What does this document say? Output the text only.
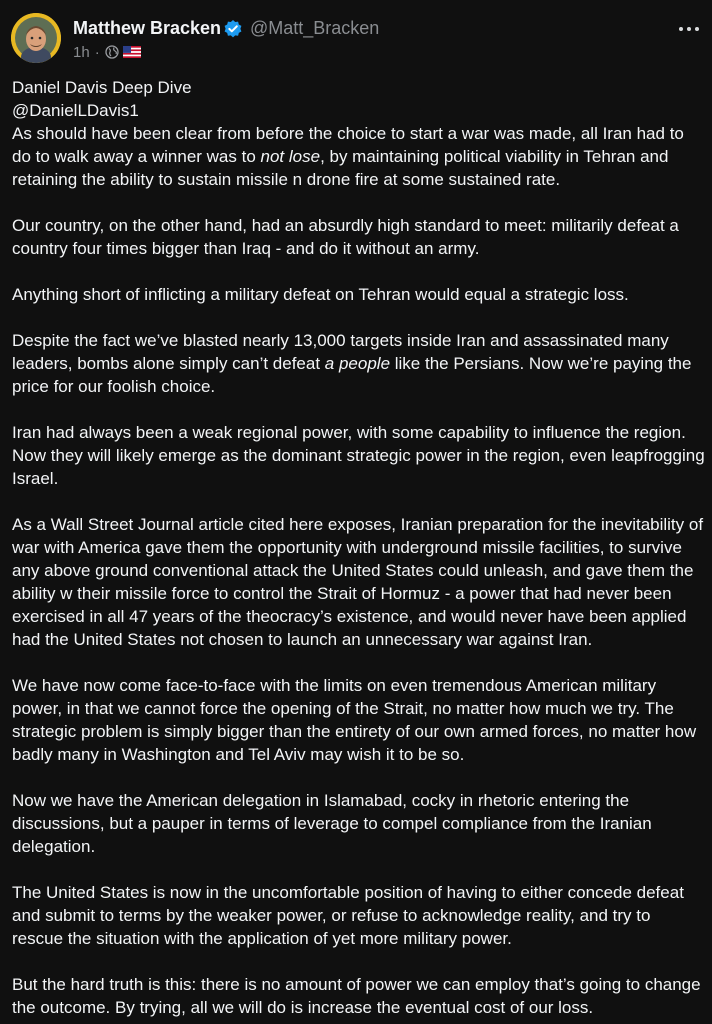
Matthew Bracken @Matt_Bracken
1h ·

Daniel Davis Deep Dive
@DanielLDavis1
As should have been clear from before the choice to start a war was made, all Iran had to do to walk away a winner was to not lose, by maintaining political viability in Tehran and retaining the ability to sustain missile n drone fire at some sustained rate.

Our country, on the other hand, had an absurdly high standard to meet: militarily defeat a country four times bigger than Iraq - and do it without an army.

Anything short of inflicting a military defeat on Tehran would equal a strategic loss.

Despite the fact we’ve blasted nearly 13,000 targets inside Iran and assassinated many leaders, bombs alone simply can’t defeat a people like the Persians. Now we’re paying the price for our foolish choice.

Iran had always been a weak regional power, with some capability to influence the region. Now they will likely emerge as the dominant strategic power in the region, even leapfrogging Israel.

As a Wall Street Journal article cited here exposes, Iranian preparation for the inevitability of war with America gave them the opportunity with underground missile facilities, to survive any above ground conventional attack the United States could unleash, and gave them the ability w their missile force to control the Strait of Hormuz - a power that had never been exercised in all 47 years of the theocracy’s existence, and would never have been applied had the United States not chosen to launch an unnecessary war against Iran.

We have now come face-to-face with the limits on even tremendous American military power, in that we cannot force the opening of the Strait, no matter how much we try. The strategic problem is simply bigger than the entirety of our own armed forces, no matter how badly many in Washington and Tel Aviv may wish it to be so.

Now we have the American delegation in Islamabad, cocky in rhetoric entering the discussions, but a pauper in terms of leverage to compel compliance from the Iranian delegation.

The United States is now in the uncomfortable position of having to either concede defeat and submit to terms by the weaker power, or refuse to acknowledge reality, and try to rescue the situation with the application of yet more military power.

But the hard truth is this: there is no amount of power we can employ that’s going to change the outcome. By trying, all we will do is increase the eventual cost of our loss.
